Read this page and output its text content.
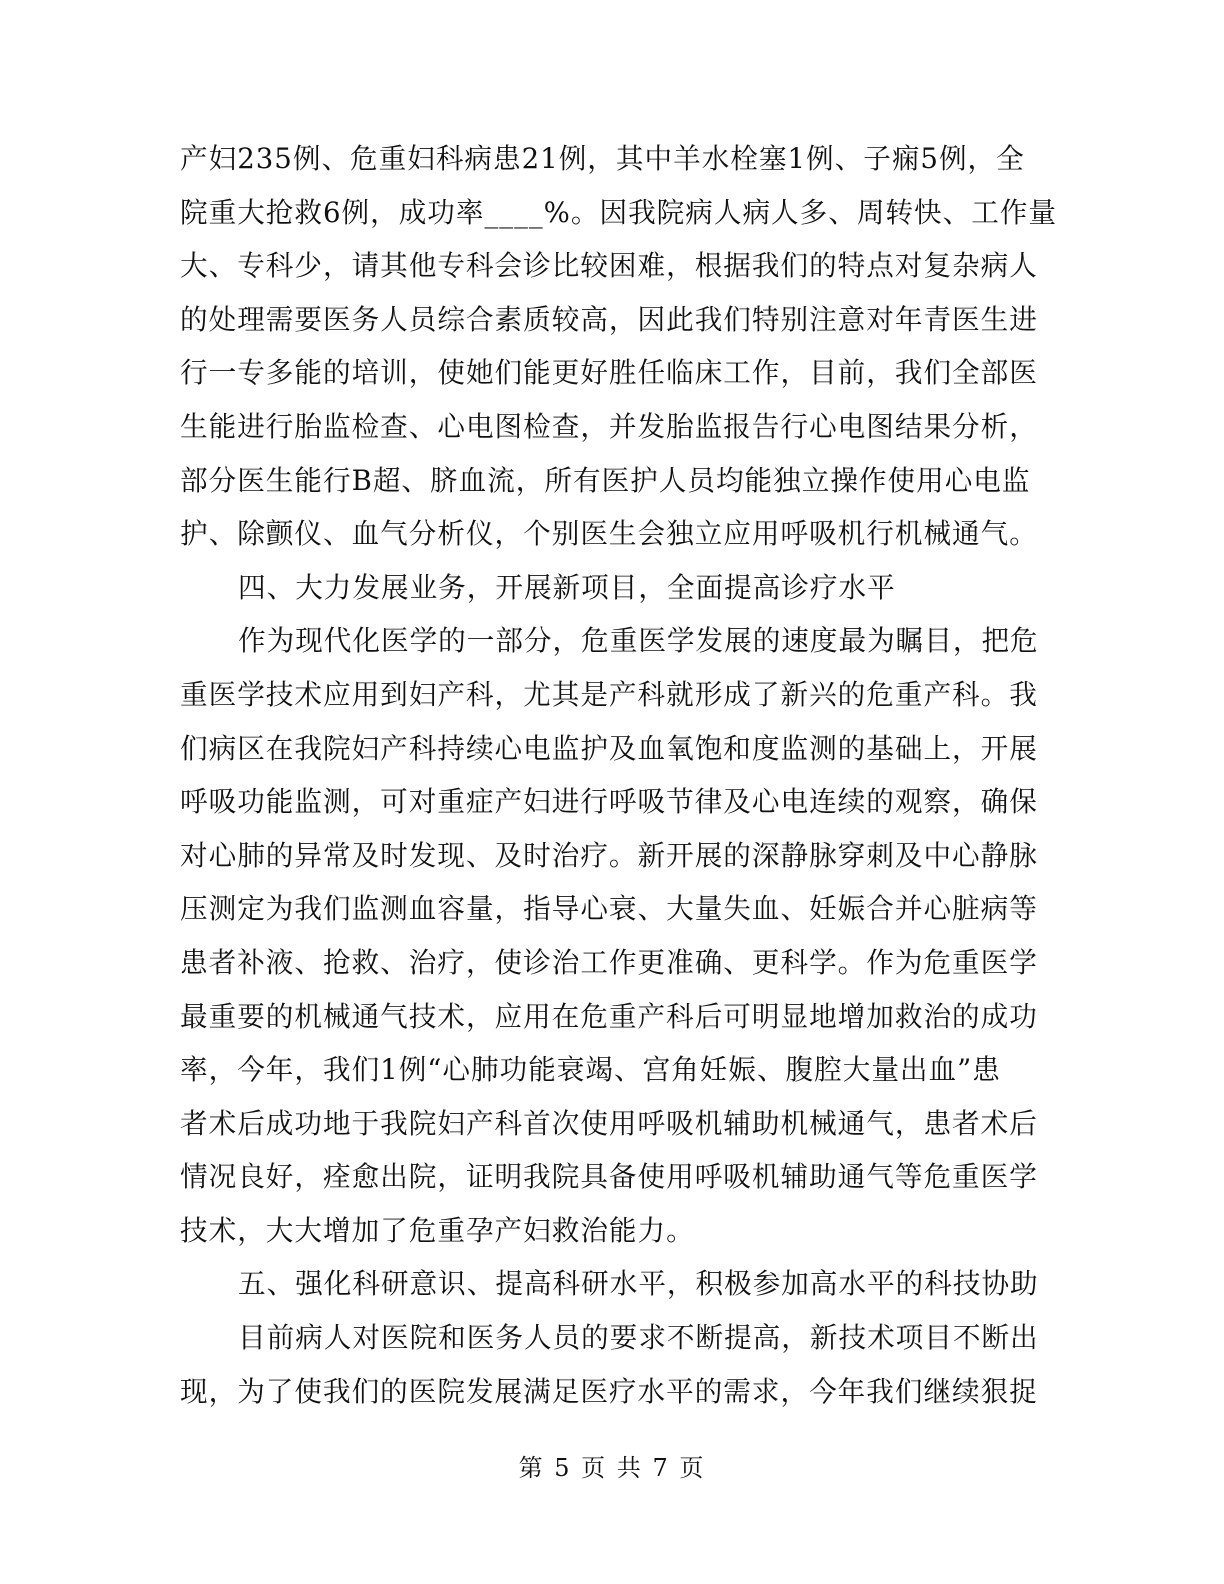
产妇235例、危重妇科病患21例，其中羊水栓塞1例、子痫5例，全
院重大抢救6例，成功率____%。因我院病人病人多、周转快、工作量
大、专科少，请其他专科会诊比较困难，根据我们的特点对复杂病人
的处理需要医务人员综合素质较高，因此我们特别注意对年青医生进
行一专多能的培训，使她们能更好胜任临床工作，目前，我们全部医
生能进行胎监检查、心电图检查，并发胎监报告行心电图结果分析，
部分医生能行B超、脐血流，所有医护人员均能独立操作使用心电监
护、除颤仪、血气分析仪，个别医生会独立应用呼吸机行机械通气。
四、大力发展业务，开展新项目，全面提高诊疗水平
作为现代化医学的一部分，危重医学发展的速度最为瞩目，把危
重医学技术应用到妇产科，尤其是产科就形成了新兴的危重产科。我
们病区在我院妇产科持续心电监护及血氧饱和度监测的基础上，开展
呼吸功能监测，可对重症产妇进行呼吸节律及心电连续的观察，确保
对心肺的异常及时发现、及时治疗。新开展的深静脉穿刺及中心静脉
压测定为我们监测血容量，指导心衰、大量失血、妊娠合并心脏病等
患者补液、抢救、治疗，使诊治工作更准确、更科学。作为危重医学
最重要的机械通气技术，应用在危重产科后可明显地增加救治的成功
率，今年，我们1例“心肺功能衰竭、宫角妊娠、腹腔大量出血”患
者术后成功地于我院妇产科首次使用呼吸机辅助机械通气，患者术后
情况良好，痊愈出院，证明我院具备使用呼吸机辅助通气等危重医学
技术，大大增加了危重孕产妇救治能力。
五、强化科研意识、提高科研水平，积极参加高水平的科技协助
目前病人对医院和医务人员的要求不断提高，新技术项目不断出
现，为了使我们的医院发展满足医疗水平的需求，今年我们继续狠捉
第 5 页 共 7 页
